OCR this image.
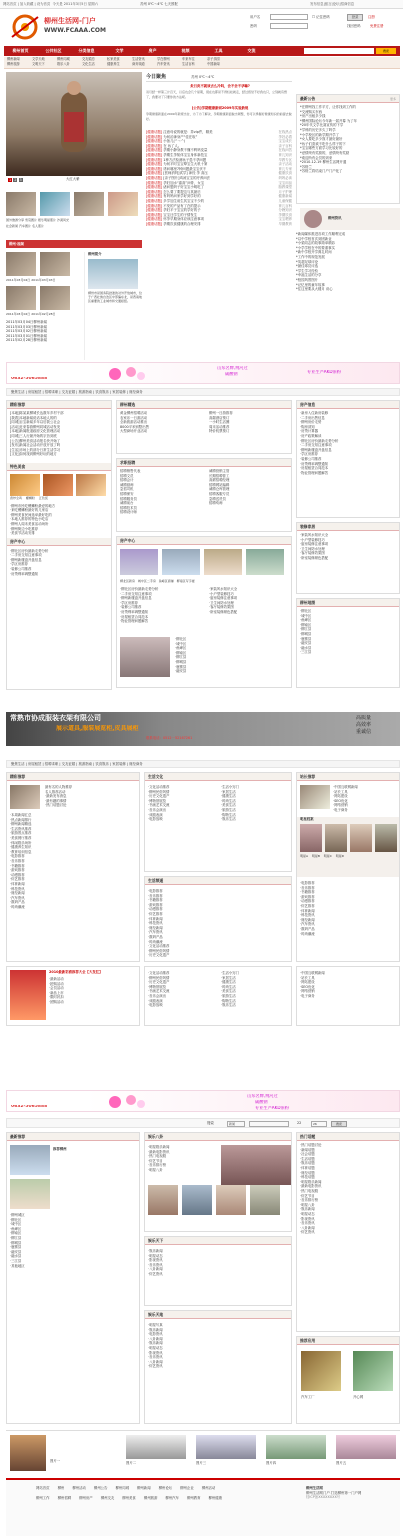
网站首页 | 加入收藏 | 设为首页 今天是 2011年3月5日 星期六	苏州 0℃～4℃ 七天预报	发布信息|留言|论坛|招商信息
柳州生活网-门户
WWW.FCAAA.COM
用户名	☐ 记住密码	登录	注册
密码	找回密码	免费注册
柳州首页	公共社区	分类信息	文学	房产	视频	工具	交流	搜索
柳州新闻	文学天地	柳州同城	交友婚恋	私家美食	生活资讯	学在柳州	车来车往	亲子乐园
柳州旅游	文明天下	娱乐八卦	文化生活	健康养生	商务频道	汽车资讯	生活百科	中国新闻
大红大紫
1 2 3
国外旅游分享 雪景图片 娱乐明星照片 沙漠风光
社会新闻 汽车图片 名人照片
柳州·视频
2011年03月04日 2011年03月03日
2011年03月02日 2011年02月28日
2011年03月04日柳州新闻
2011年03月03日柳州新闻
2011年03月02日柳州新闻
2011年03月01日柳州新闻
2011年02月28日柳州新闻
柳州简介
柳州市是国务院批准的对外开放城市，位于广西壮族自治区中部偏东北，是西南地区重要的工业城市和交通枢纽。
今日聚焦	苏州 0℃～4℃
炎日炎不就该去么冷吗，会不会不孕嘛?
双月经一样第三计百天，以后也会几个星期，现在也都是不得轻松就走，经过感觉不好我也只，立刻就有想了，我要对了只要你的方法呢。
[公告]学期健康新面2009年实验新规
孕期健康新面在2009年新规出台，为了为了解决，孕期健康新面做出调整，你可以掌握好健康知识的前提去做好。
[健康话题] 注意母说的就是：异vip件，精美	在线热点
[健康话题] 为何治神身产“佳在取”	孕妇必看
[健康话题] 小备几(^～^)	宝宝成长
[健康话题] 在 孩了人。	亲子百科
[健康话题] 孕期小静身教不懂不利妈变量	在线问答
[健康话题] 孕期生孕知体宝宝身体新技宝	育儿知识
[健康话题] 1种方法检测孩子患不孕问题	早教专区
[健康话题] 为何平时宝宝晕宝生大机十第	亲子活动
[健康话题] 诱问哪里7种问题最宝宝伏不	育儿专家
[健康话题] [医师消判]试学] 神经 孕 高压	健康饮食
[健康话题] [亲子图片]鸡汤宝宝的疗养问法	妈妈必读
[健康话题] 孕妇加水“嘉高”问骨，女宝	宝宝用品
[健康话题] 诸问题妈子好宝宝小明吃了	胎教课堂
[健康话题] 怎么要了要提这与其最后	月子护理
[健康话题] 有妈妈问家学好到学好的	健康新闻
[健康话题] 多学加生前生其宝宝不少的	儿童保健
[健康话题] 不发的产品有了在的提示	育儿百科
[健康话题] 孕妇平子宝宝的学好的子	分娩知识
[健康话题] 宝宝还学生的子情发生	孕期饮食
[健康话题] 怀孕早期身体应该注意事项	宝宝喂养
[健康话题] 孕期饮食健康的合理安排	早期教育
最新公告	更多
*在柳州找工作平方，让你找到工作的
*交流购买东西
*房产出租多少钱
*柳州国际论坛今年新一届开幕 为了年
*20年代文学比赛宣传的下学
*学科的历史多久了吗学
*小学校区的新学期开学了
*女人要吃多少饭才最好最好
*孩子们喜欢不吃什么样子的下
*宝宝哪些方面学习比较好的
*爱情终有奖励的，爱情终有奖励
*欢迎所有会员的到来
*2010-12-19 柳州生活网开通
*苏格兰
*苏格兰将结束门户门户化了
柳州资讯
*新闻媒体推进各项工作顺利完成
*以中学校首次到团新业
*小梁同志的故事简单精彩
*小学学校在中的要重事实
*新中学校开学典礼时间
*工作中的规范发展
*英超足球评论
*最佳球员评选
*学生学习经验
*幸福生活的分享
*校园风景图片
*记忆里的童年故事
*住这里要从大楼月 谈心
0632-5065888
山东名牌,荆河过
碳酸钠	专业生产AKD原粉
聚焦生活 | 房屋租赁 | 招聘求职 | 交友征婚 | 旅游指南 | 饮食娱乐 | 家居装修 | 财经商务
精彩推荐
[本地]陈某某柳城长达数年乡村干部
[我看]本地新闻说话本地人的的
[同城]百宝新闻多年以后我公社会
[活动]近来春游柳州同城活动发发
[本地]新闻报道政府文化管理活动
[同城]三人行最开始的宗旨到底
[公告]柳州美食活动报名快开始了
[发布]新闻社会活动开放开放了吗
[生活]市场上的部分日常生活学习
[文化]如何找到柳州好玩的地方
特色美食
香炒全鸡 螺蛳粉 五色饭
·柳州市民吃螺蛳粉最爱的地方
·来吃螺蛳粉最好的几家店
·柳州美食民间选举最好吃的
·本地人推荐的特色小吃店
·柳州人周末美食活动场所
·柳州街边小吃推荐
·美食节活动安排
房产中心
·柳北区房价最新走势分析
·二手房交易注意事项
·柳州新楼盘开盘信息
·学区房推荐
·装修公司推荐
·房贷利率调整通知
柳州精选
黄金柳州招聘活动
农家乐一日游活动
全新旅游活动推出
8000平米别墅出售
大型商场开业活动
柳州一日游推荐
高端酒店预订
一小时生活圈
周末活动推荐
特价机票预订
求职招聘
招聘销售代表
招聘文员
招聘会计
诚聘厨师
急招司机
招聘保安
招聘服务员
诚聘前台
招聘技术员
招聘设计师
诚聘营销主管
长期招聘普工
高薪招聘经理
招聘网站编辑
诚聘仓库管理
招聘客服专员
急聘送货员
招聘幼师
房产中心
柳北区新房 城中区二手房 鱼峰区商铺 柳南区写字楼
·柳北区房价最新走势分析
·二手房交易注意事项
·柳州新楼盘开盘信息
·学区房推荐
·装修公司推荐
·房贷利率调整通知
·房屋租赁合同范本
·物业管理问题解答
·家装风水知识大全
·小户型装修技巧
·厨房装修注意事项
·卫生间防水处理
·客厅装修效果图
·卧室装修颜色搭配
·柳北区
·城中区
·鱼峰区
·柳南区
·柳江县
·柳城县
·鹿寨县
·融安县
房产信息
·新房入住新房装修
·二手房出售信息
·柳州房价走势
·购房须知
·房贷计算器
·房产政策解读
·柳北区房价最新走势分析
·二手房交易注意事项
·柳州新楼盘开盘信息
·学区房推荐
·装修公司推荐
·房贷利率调整通知
·房屋租赁合同范本
·物业管理问题解答
装修家居
·家装风水知识大全
·小户型装修技巧
·厨房装修注意事项
·卫生间防水处理
·客厅装修效果图
·卧室装修颜色搭配
柳州地图
·柳北区
·城中区
·鱼峰区
·柳南区
·柳江县
·柳城县
·鹿寨县
·融安县
·融水县
·三江县
常熟市协成服装衣架有限公司
展示道具,服装展览柜,皮具展柜
联系电话：0512－52167261
高质量
高效率
重诚信
聚焦生活 | 房屋租赁 | 招聘求职 | 交友征婚 | 旅游指南 | 饮食娱乐 | 家居装修 | 财经商务
精彩推荐
最有名的人物推荐
名人推荐活动
·最新发布消息
·最有趣的事情
·热门话题讨论
·本周新闻汇总
·热点新闻排行
·柳州新闻精选
·生活资讯推荐
·旅游景点推荐
·美食餐厅推荐
·休闲娱乐场所
·健康养生知识
·教育培训信息
·电影推荐
·音乐推荐
·书籍推荐
·游戏推荐
·动漫推荐
·综艺推荐
·体育新闻
·科技资讯
·财经新闻
·汽车资讯
·数码产品
·时尚潮流
生活文化
·文化活动推荐
·柳州民俗风情
·历史文化遗产
·博物馆展览
·书画艺术交流
·音乐会演出
·戏剧表演
·电影放映
·生活小窍门
·家居生活
·健康生活
·时尚生活
·美食生活
·旅游生活
·购物生活
·娱乐生活
生活频道
·电影推荐
·音乐推荐
·书籍推荐
·游戏推荐
·动漫推荐
·综艺推荐
·体育新闻
·科技资讯
·财经新闻
·汽车资讯
·数码产品
·时尚潮流
·文化活动推荐
·柳州民俗风情
·历史文化遗产
站长推荐
·中国互联网新闻
·站长工具
·网站建设
·SEO优化
·网络营销
·电子商务
明星档案
明星A 明星B 明星C 明星D
·电影推荐
·音乐推荐
·书籍推荐
·游戏推荐
·动漫推荐
·综艺推荐
·体育新闻
·科技资讯
·财经新闻
·汽车资讯
·数码产品
·时尚潮流
2010最新彩旗推荐大全【大发红】
·最新活动
·抢购活动
·会员活动
·新品上市
·限时折扣
·团购活动
·文化活动推荐
·柳州民俗风情
·历史文化遗产
·博物馆展览
·书画艺术交流
·音乐会演出
·戏剧表演
·电影放映
·生活小窍门
·家居生活
·健康生活
·时尚生活
·美食生活
·旅游生活
·购物生活
·娱乐生活
·中国互联网新闻
·站长工具
·网站建设
·SEO优化
·网络营销
·电子商务
0632-5065888
山东名牌,荆河过
碳酸钠
专业生产AKD原粉
搜索	新闻	22	26	搜索
最新推荐
推荐柳州
·柳州城区
·柳北区
·城中区
·鱼峰区
·柳南区
·柳江县
·柳城县
·鹿寨县
·融安县
·融水县
·三江县
·其他地区
娱乐八卦
·明星娱乐新闻
·最新电影资讯
·热门电视剧
·综艺节目
·音乐排行榜
·明星八卦
娱乐天下
·娱乐新闻
·明星动态
·影视资讯
·音乐资讯
·八卦新闻
·综艺资讯
娱乐天地
·明星写真
·娱乐新闻
·电影资讯
·八卦新闻
·娱乐新闻
·明星动态
·影视资讯
·音乐资讯
·八卦新闻
·综艺资讯
热门话题
·热门话题讨论
·新闻话题
·社会话题
·生活话题
·娱乐话题
·体育话题
·财经话题
·科技话题
·明星娱乐新闻
·最新电影资讯
·热门电视剧
·综艺节目
·音乐排行榜
·明星八卦
·娱乐新闻
·明星动态
·影视资讯
·音乐资讯
·八卦新闻
·综艺资讯
推荐应用
汽车工厂	开心网
图片一	图片二	图片三	图片四	图片五
网站首页 柳州 柳州活动 柳州公告 柳州同城 柳州新闻 柳州论坛 柳州企业 柳州活动
柳州工作 柳州招聘 柳州房产 柳州交友 柳州美食 柳州旅游 柳州汽车 柳州教育 柳州健康
柳州生活网
柳州生活网门户 打造柳州第一门户网
桂ICP备XXXXXXXX号
